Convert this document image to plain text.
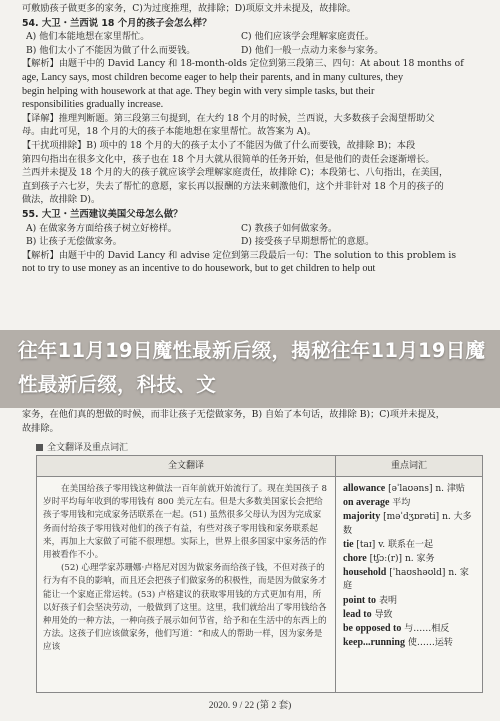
可敷励孩子做更多的家务，C)为过度推理，故排除；D)项原文并未提及，故排除。
54. 大卫・兰西说 18 个月的孩子会怎么样？
A) 他们本能地想在家里帮忙。	C) 他们应该学会理解家庭责任。
B) 他们太小了不能因为做了什么而要钱。	D) 他们一般一点动力来参与家务。
【解析】由题干中的 David Lancy 和 18-month-olds 定位到第三段第三、四句：At about 18 months of
age, Lancy says, most children become eager to help their parents, and in many cultures, they
begin helping with housework at that age. They begin with very simple tasks, but their
responsibilities gradually increase.
【译解】推理判断题。第三段第三句提到，在大约 18 个月的时候，兰西说，大多数孩子会渴望帮助父
母。由此可见，18 个月的大的孩子本能地想在家里帮忙。故答案为 A)。
【干扰项排除】B) 项中的 18 个月的大的孩子太小了不能因为做了什么而要钱，故排除 B)；本段
第四句指出在很多文化中，孩子也在 18 个月大就从很简单的任务开始，但是他们的责任会逐渐增长。
兰西并未提及 18 个月的大的孩子就应该学会理解家庭责任，故排除 C)；本段第七、八句指出，在美国，
直到孩子六七岁，失去了帮忙的意愿，家长再以报酬的方法来刺激他们，这个并非针对 18 个月的孩子的
做法，故排除 D)。
55. 大卫・兰西建议美国父母怎么做？
A) 在做家务方面给孩子树立好榜样。	C) 教孩子如何做家务。
B) 让孩子无偿做家务。	D) 接受孩子早期想帮忙的意愿。
【解析】由题干中的 David Lancy 和 advise 定位到第三段最后一句：The solution to this problem is
not to try to use money as an incentive to do housework, but to get children to help out
往年11月19日魔性最新后缀，揭秘往年11月19日魔性最新后缀，科技、文
家务，在他们真的想做的时候，而非让孩子无偿做家务，B) 自始了本句话，故排除 B)；C)项并未提及，
故排除。
全文翻译及重点词汇
全文翻译	重点词汇
在美国给孩子零用钱这种做法一百年前就开始流行了。现在美国孩子 8 岁时平均每年收到的零用钱有 800 美元左右。但是大多数美国家长会把给孩子零用钱和完成家务活联系在一起。(51) 虽然很多父母认为因为完成家务而付给孩子零用钱对他们的孩子有益，有些对孩子零用钱和家务联系起来，再加上大家做了可能不很理想。实际上，世界上很多国家中家务活的作用被看作不小。
(52) 心理学家苏珊娜·卢格尼对因为做家务而给孩子钱，不但对孩子的行为有不良的影响，而且还会把孩子们做家务的积极性，而是因为做家务才能让一个家庭正常运转。(53) 卢格建议的获取零用钱的方式更加有用，所以好孩子们会坚决劳动，一般做到了这里。这里，我们就给出了零用钱给各种用处的一种方法，一种向孩子展示如何节省，给予和在生活中的东西上的方法。这孩子们应该做家务，他们写道：“和成人的帮助一样，因为家务是应该
allowance [əˈlaʊəns] n. 津贴
on average 平均
majority [məˈdʒɒrəti] n. 大多数
tie [taɪ] v. 联系在一起
chore [tʃɔː(r)] n. 家务
household [ˈhaʊshəʊld] n. 家庭
point to 表明
lead to 导致
be opposed to 与……相反
keep...running 使……运转
2020. 9 / 22 (第 2 套)
